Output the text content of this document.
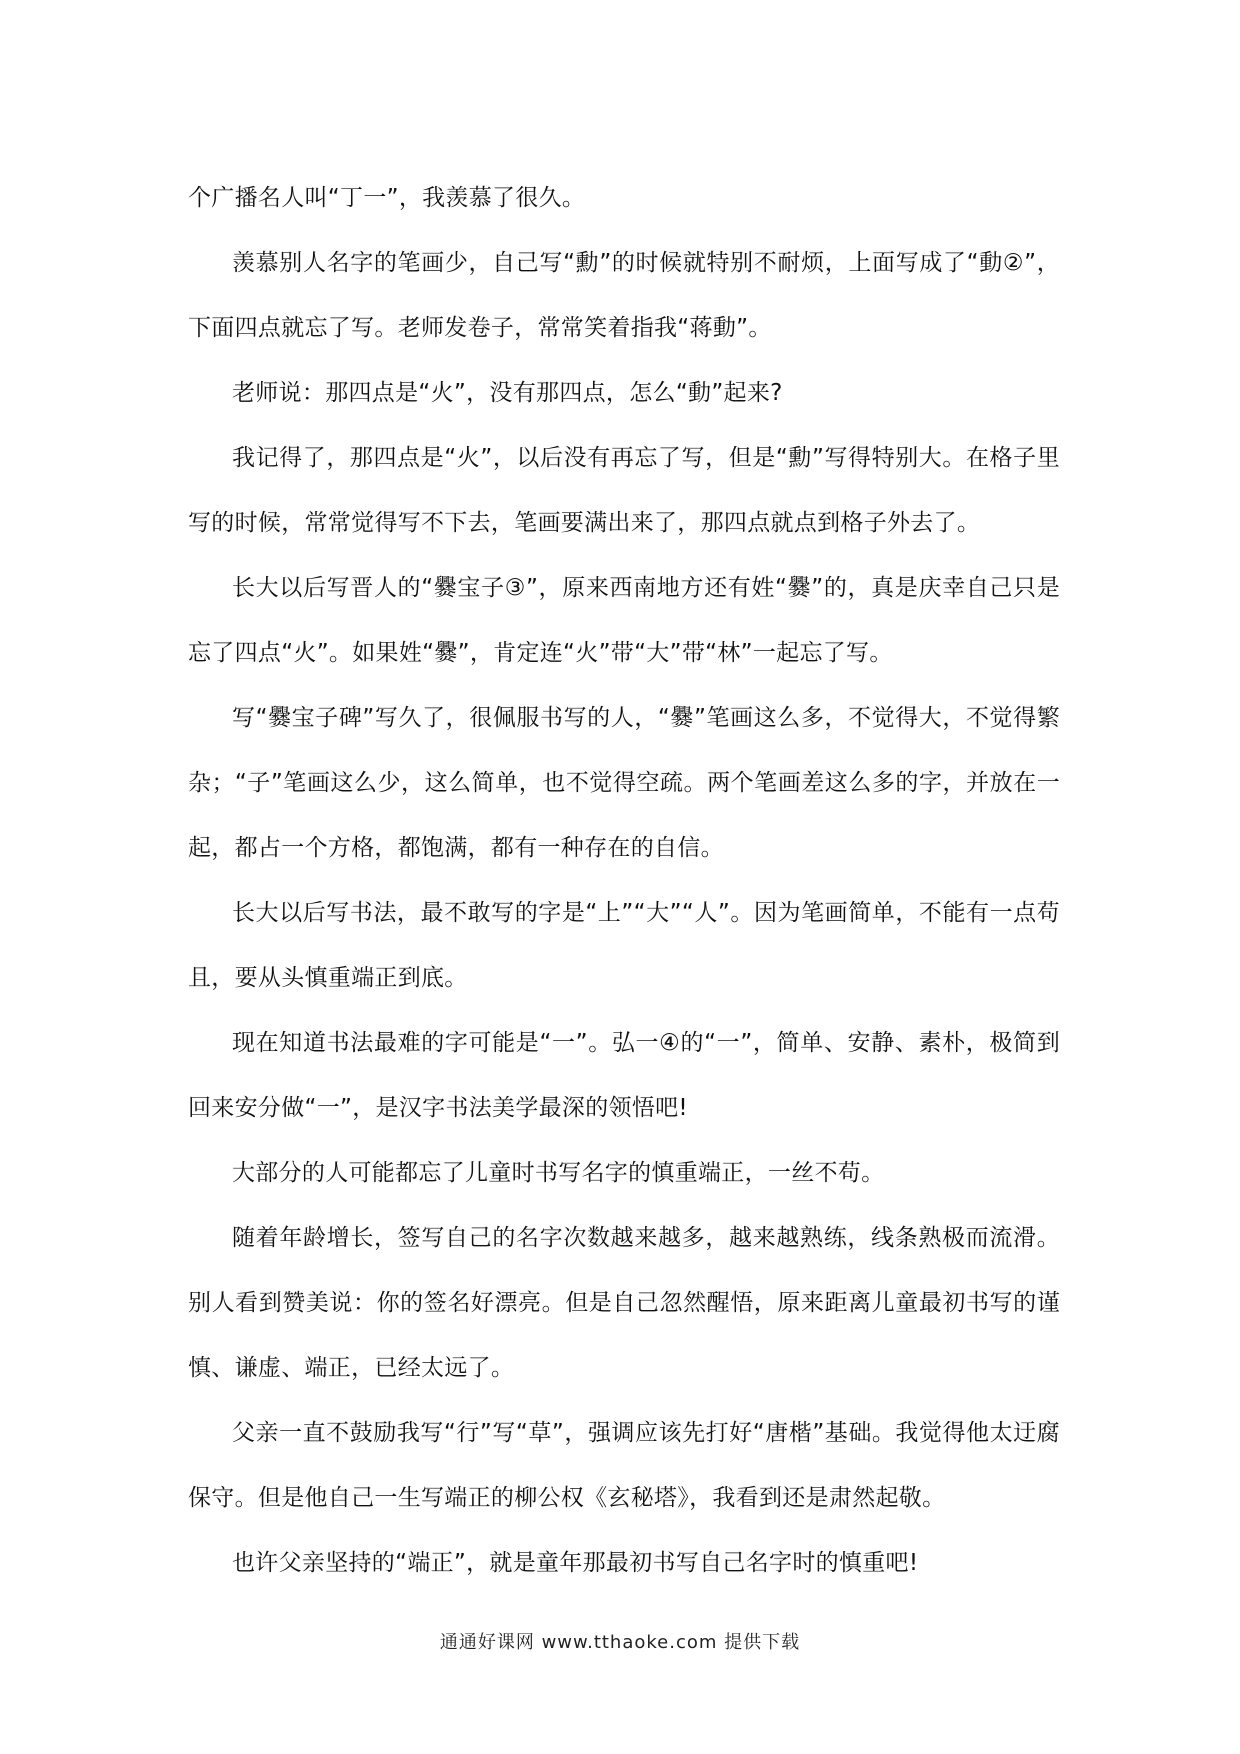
个广播名人叫“丁一”，我羡慕了很久。

羡慕别人名字的笔画少，自己写“勳”的时候就特别不耐烦，上面写成了“動②”，下面四点就忘了写。老师发卷子，常常笑着指我“蒋動”。

老师说：那四点是“火”，没有那四点，怎么“動”起来?

我记得了，那四点是“火”，以后没有再忘了写，但是“勳”写得特别大。在格子里写的时候，常常觉得写不下去，笔画要满出来了，那四点就点到格子外去了。

长大以后写晋人的“爨宝子③”，原来西南地方还有姓“爨”的，真是庆幸自己只是忘了四点“火”。如果姓“爨”，肯定连“火”带“大”带“林”一起忘了写。

写“爨宝子碑”写久了，很佩服书写的人，“爨”笔画这么多，不觉得大，不觉得繁杂；“子”笔画这么少，这么简单，也不觉得空疏。两个笔画差这么多的字，并放在一起，都占一个方格，都饱满，都有一种存在的自信。

长大以后写书法，最不敢写的字是“上”“大”“人”。因为笔画简单，不能有一点苟且，要从头慎重端正到底。

现在知道书法最难的字可能是“一”。弘一④的“一”，简单、安静、素朴，极简到回来安分做“一”，是汉字书法美学最深的领悟吧!

大部分的人可能都忘了儿童时书写名字的慎重端正，一丝不苟。

随着年龄增长，签写自己的名字次数越来越多，越来越熟练，线条熟极而流滑。别人看到赞美说：你的签名好漂亮。但是自己忽然醒悟，原来距离儿童最初书写的谨慎、谦虚、端正，已经太远了。

父亲一直不鼓励我写“行”写“草”，强调应该先打好“唐楷”基础。我觉得他太迂腐保守。但是他自己一生写端正的柳公权《玄秘塔》，我看到还是肃然起敬。

也许父亲坚持的“端正”，就是童年那最初书写自己名字时的慎重吧!

通通好课网 www.tthaoke.com 提供下载
